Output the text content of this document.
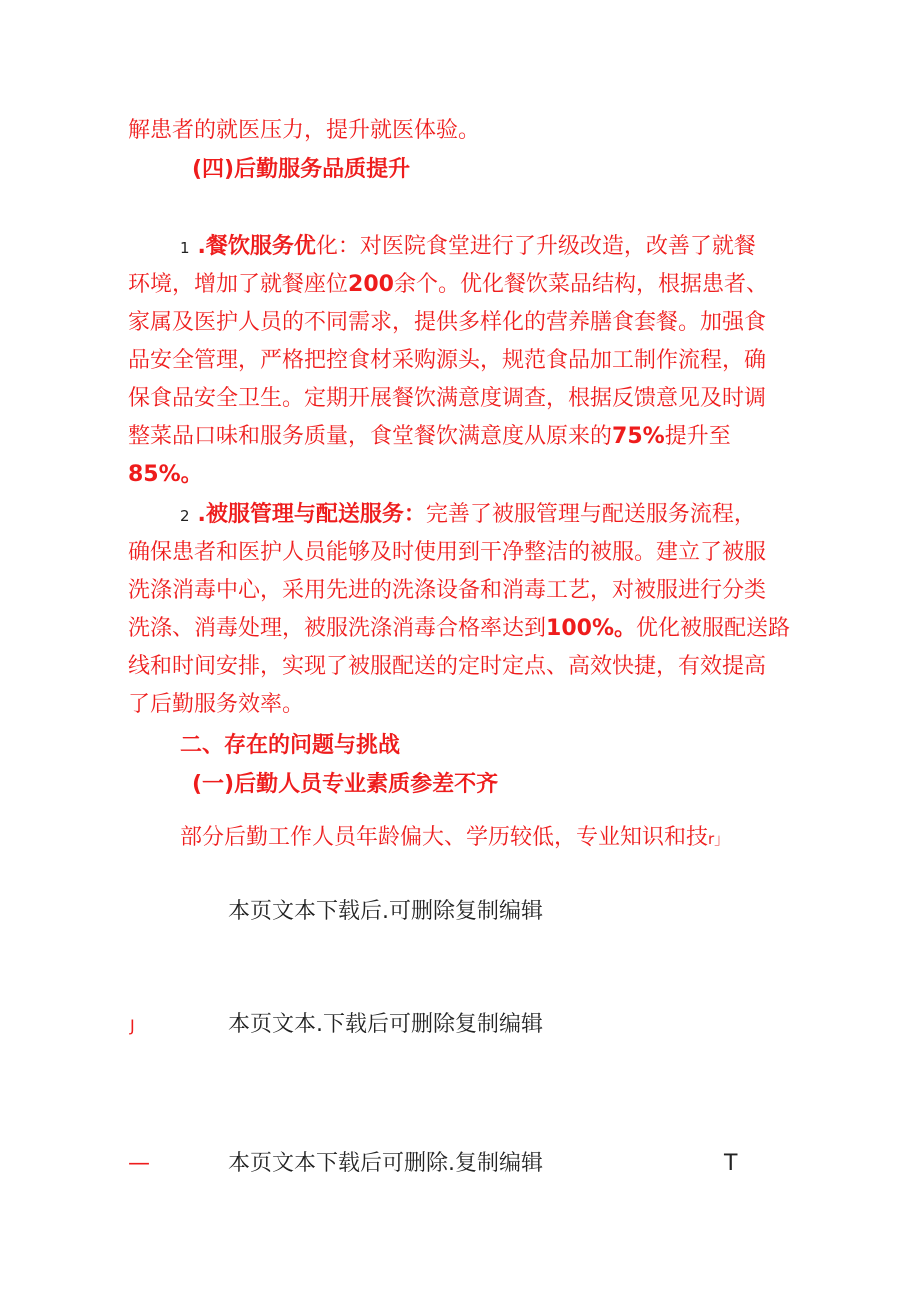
解患者的就医压力，提升就医体验。
(四)后勤服务品质提升
1 .餐饮服务优化：对医院食堂进行了升级改造，改善了就餐
环境，增加了就餐座位200余个。优化餐饮菜品结构，根据患者、
家属及医护人员的不同需求，提供多样化的营养膳食套餐。加强食
品安全管理，严格把控食材采购源头，规范食品加工制作流程，确
保食品安全卫生。定期开展餐饮满意度调查，根据反馈意见及时调
整菜品口味和服务质量，食堂餐饮满意度从原来的75%提升至
85%。
2 .被服管理与配送服务：完善了被服管理与配送服务流程，
确保患者和医护人员能够及时使用到干净整洁的被服。建立了被服
洗涤消毒中心，采用先进的洗涤设备和消毒工艺，对被服进行分类
洗涤、消毒处理，被服洗涤消毒合格率达到100%。优化被服配送路
线和时间安排，实现了被服配送的定时定点、高效快捷，有效提高
了后勤服务效率。
二、存在的问题与挑战
(一)后勤人员专业素质参差不齐
部分后勤工作人员年龄偏大、学历较低，专业知识和技r」
本页文本下载后.可删除复制编辑
J	本页文本.下载后可删除复制编辑
—	本页文本下载后可删除.复制编辑	T
